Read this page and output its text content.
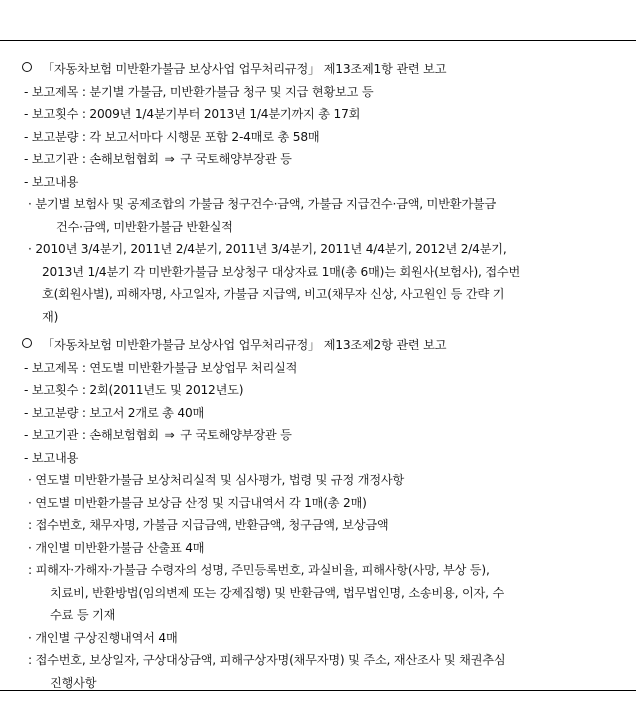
「자동차보험 미반환가불금 보상사업 업무처리규정」 제13조제1항 관련 보고
- 보고제목 : 분기별 가불금, 미반환가불금 청구 및 지급 현황보고 등
- 보고횟수 : 2009년 1/4분기부터 2013년 1/4분기까지 총 17회
- 보고분량 : 각 보고서마다 시행문 포함 2-4매로 총 58매
- 보고기관 : 손해보험협회 ⇒ 구 국토해양부장관 등
- 보고내용
· 분기별 보험사 및 공제조합의 가불금 청구건수·금액, 가불금 지급건수·금액, 미반환가불금
건수·금액, 미반환가불금 반환실적
· 2010년 3/4분기, 2011년 2/4분기, 2011년 3/4분기, 2011년 4/4분기, 2012년 2/4분기,
2013년 1/4분기 각 미반환가불금 보상청구 대상자료 1매(총 6매)는 회원사(보험사), 접수번
호(회원사별), 피해자명, 사고일자, 가불금 지급액, 비고(채무자 신상, 사고원인 등 간략 기
재)
「자동차보험 미반환가불금 보상사업 업무처리규정」 제13조제2항 관련 보고
- 보고제목 : 연도별 미반환가불금 보상업무 처리실적
- 보고횟수 : 2회(2011년도 및 2012년도)
- 보고분량 : 보고서 2개로 총 40매
- 보고기관 : 손해보험협회 ⇒ 구 국토해양부장관 등
- 보고내용
· 연도별 미반환가불금 보상처리실적 및 심사평가, 법령 및 규정 개정사항
· 연도별 미반환가불금 보상금 산정 및 지급내역서 각 1매(총 2매)
: 접수번호, 채무자명, 가불금 지급금액, 반환금액, 청구금액, 보상금액
· 개인별 미반환가불금 산출표 4매
: 피해자·가해자·가불금 수령자의 성명, 주민등록번호, 과실비율, 피해사항(사망, 부상 등),
치료비, 반환방법(임의변제 또는 강제집행) 및 반환금액, 법무법인명, 소송비용, 이자, 수
수료 등 기재
· 개인별 구상진행내역서 4매
: 접수번호, 보상일자, 구상대상금액, 피해구상자명(채무자명) 및 주소, 재산조사 및 채권추심
진행사항
